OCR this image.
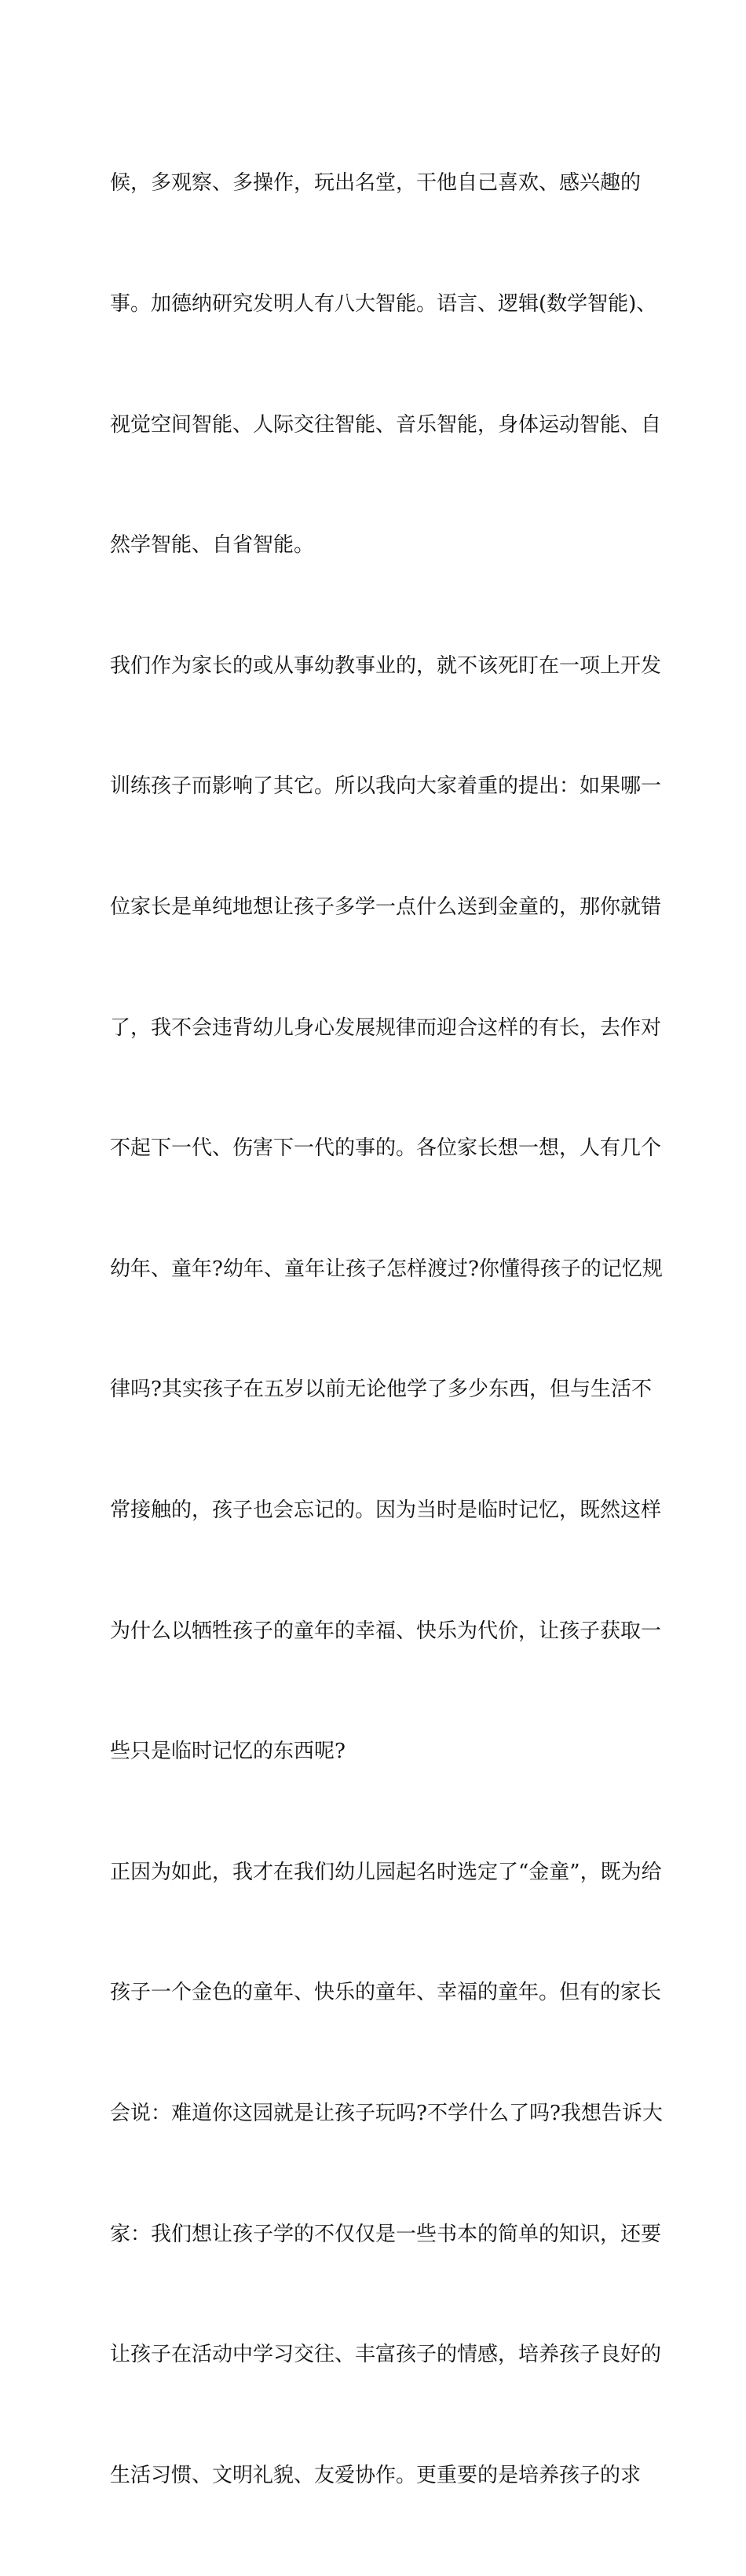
候，多观察、多操作，玩出名堂，干他自己喜欢、感兴趣的

事。加德纳研究发明人有八大智能。语言、逻辑(数学智能)、

视觉空间智能、人际交往智能、音乐智能，身体运动智能、自

然学智能、自省智能。

我们作为家长的或从事幼教事业的，就不该死盯在一项上开发

训练孩子而影响了其它。所以我向大家着重的提出：如果哪一

位家长是单纯地想让孩子多学一点什么送到金童的，那你就错

了，我不会违背幼儿身心发展规律而迎合这样的有长，去作对

不起下一代、伤害下一代的事的。各位家长想一想，人有几个

幼年、童年?幼年、童年让孩子怎样渡过?你懂得孩子的记忆规

律吗?其实孩子在五岁以前无论他学了多少东西，但与生活不

常接触的，孩子也会忘记的。因为当时是临时记忆，既然这样

为什么以牺牲孩子的童年的幸福、快乐为代价，让孩子获取一

些只是临时记忆的东西呢?

正因为如此，我才在我们幼儿园起名时选定了“金童”，既为给

孩子一个金色的童年、快乐的童年、幸福的童年。但有的家长

会说：难道你这园就是让孩子玩吗?不学什么了吗?我想告诉大

家：我们想让孩子学的不仅仅是一些书本的简单的知识，还要

让孩子在活动中学习交往、丰富孩子的情感，培养孩子良好的

生活习惯、文明礼貌、友爱协作。更重要的是培养孩子的求
